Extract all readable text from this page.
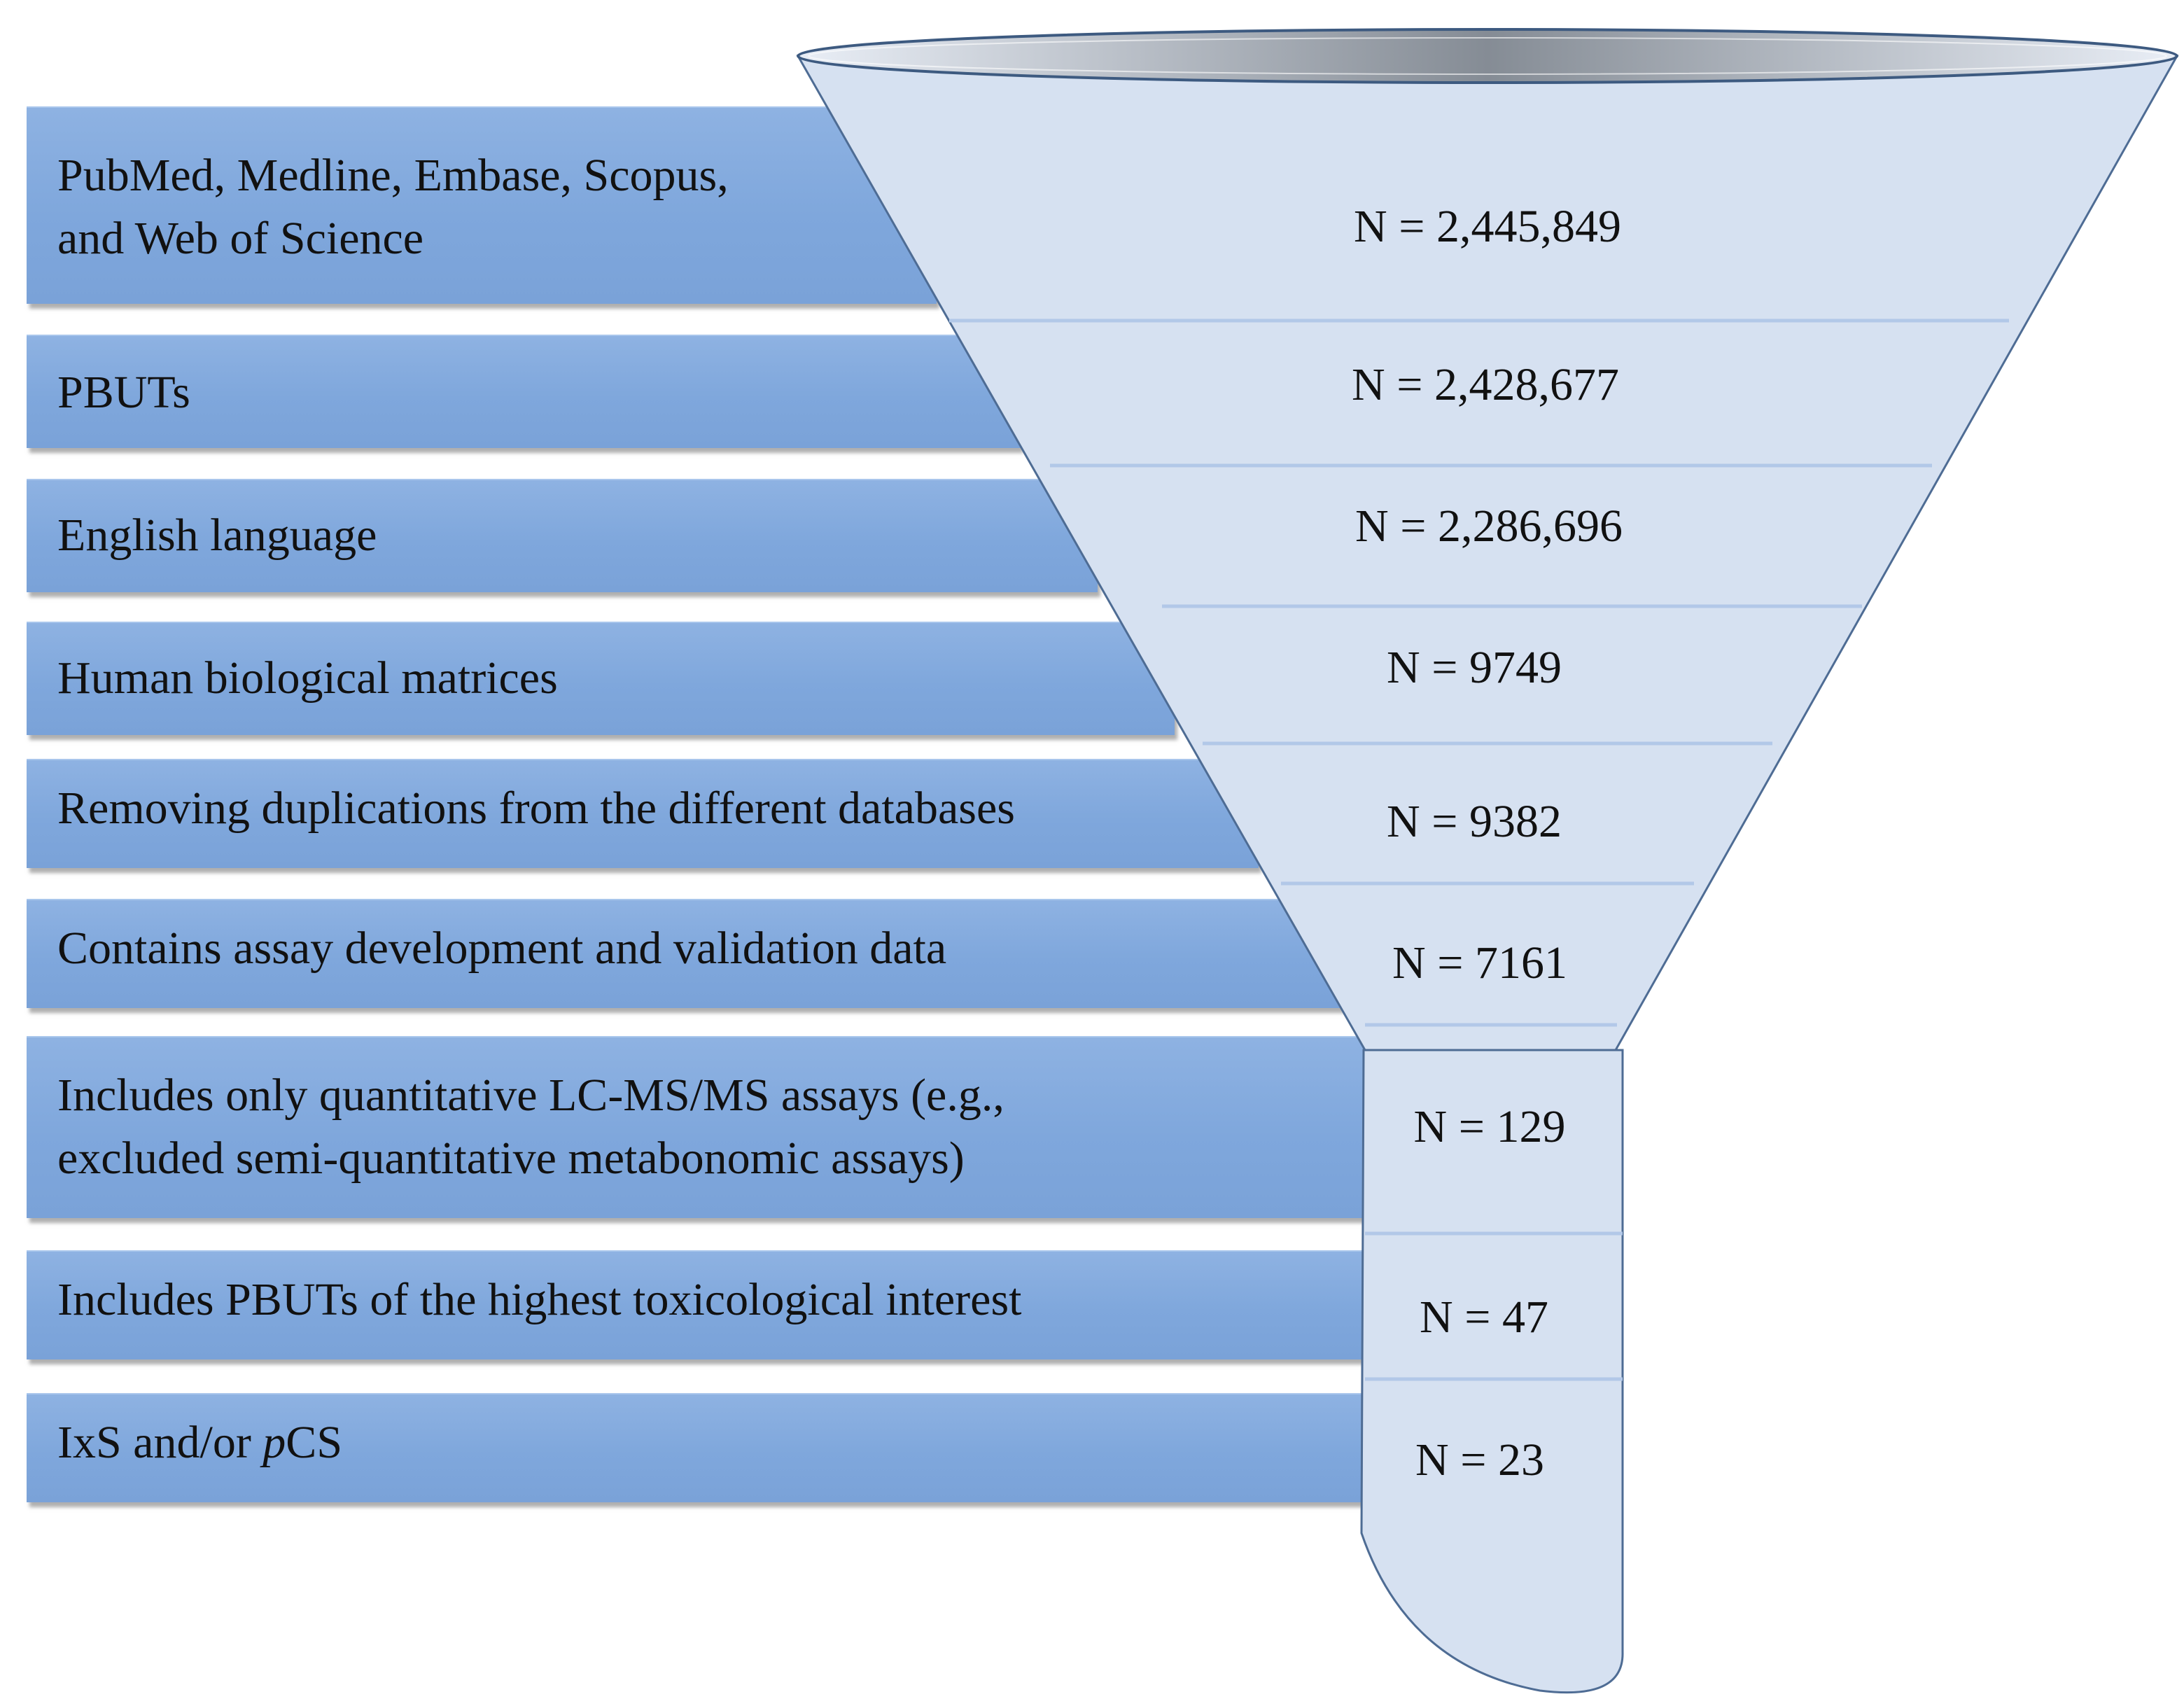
PubMed, Medline, Embase, Scopus,
and Web of Science
PBUTs
English language
Human biological matrices
Removing duplications from the different databases
Contains assay development and validation data
Includes only quantitative LC-MS/MS assays (e.g.,
excluded semi-quantitative metabonomic assays)
Includes PBUTs of the highest toxicological interest
IxS and/or pCS
N = 2,445,849
N = 2,428,677
N = 2,286,696
N = 9749
N = 9382
N = 7161
N = 129
N = 47
N = 23
